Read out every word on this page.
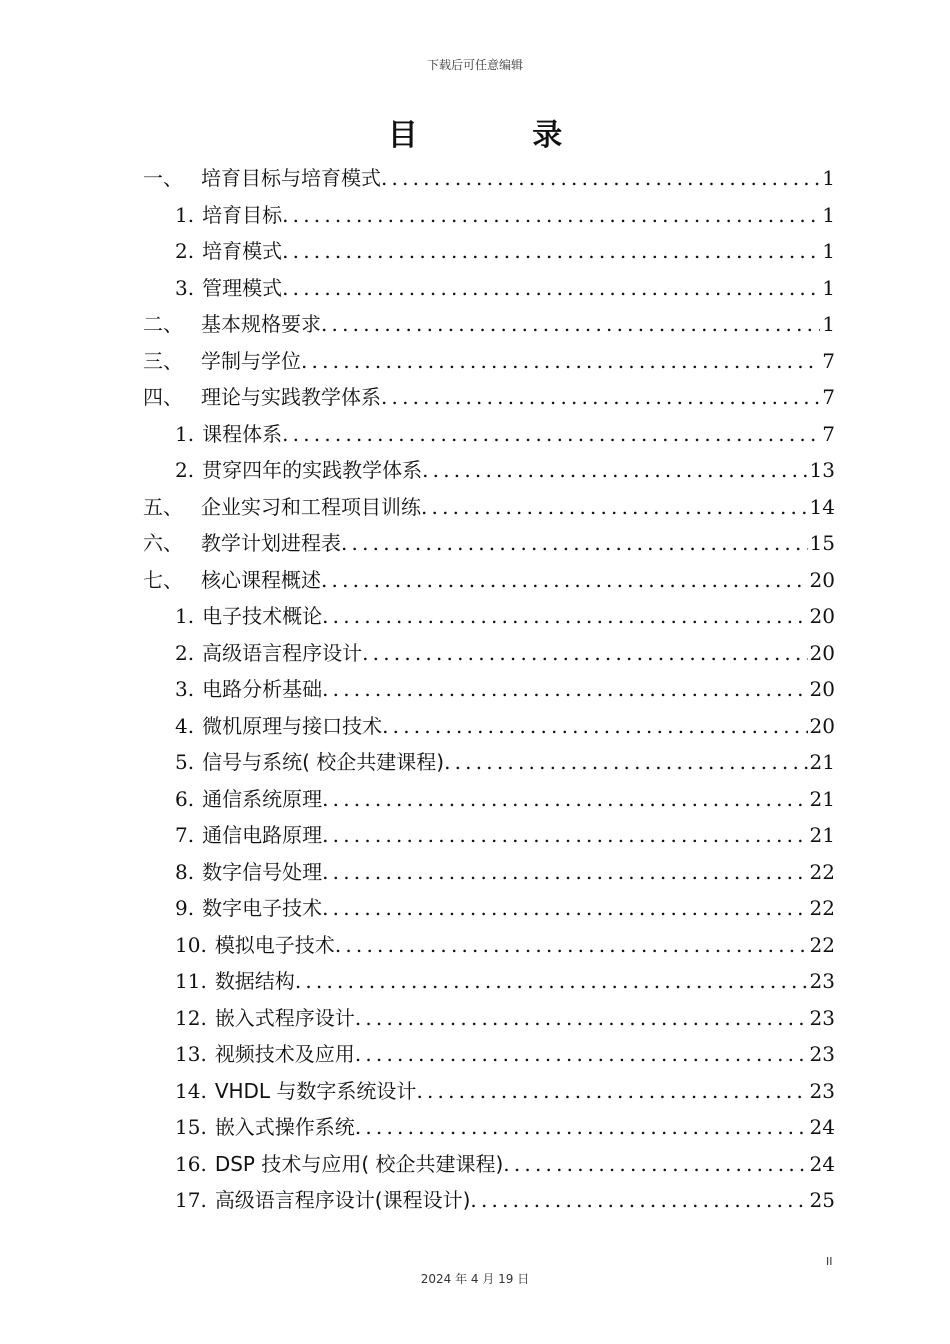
下载后可任意编辑
目 录
一、 培育目标与培育模式 .....	1
1. 培育目标 .....	1
2. 培育模式 .....	1
3. 管理模式 .....	1
二、 基本规格要求 .....	1
三、 学制与学位 .....	7
四、 理论与实践教学体系 .....	7
1. 课程体系 .....	7
2. 贯穿四年的实践教学体系 .....	13
五、 企业实习和工程项目训练 .....	14
六、 教学计划进程表 .....	15
七、 核心课程概述 .....	20
1. 电子技术概论 .....	20
2. 高级语言程序设计 .....	20
3. 电路分析基础 .....	20
4. 微机原理与接口技术 .....	20
5. 信号与系统( 校企共建课程) .....	21
6. 通信系统原理 .....	21
7. 通信电路原理 .....	21
8. 数字信号处理 .....	22
9. 数字电子技术 .....	22
10. 模拟电子技术 .....	22
11. 数据结构 .....	23
12. 嵌入式程序设计 .....	23
13. 视频技术及应用 .....	23
14. VHDL 与数字系统设计 .....	23
15. 嵌入式操作系统 .....	24
16. DSP 技术与应用( 校企共建课程) .....	24
17. 高级语言程序设计(课程设计) .....	25
II
2024 年 4 月 19 日
